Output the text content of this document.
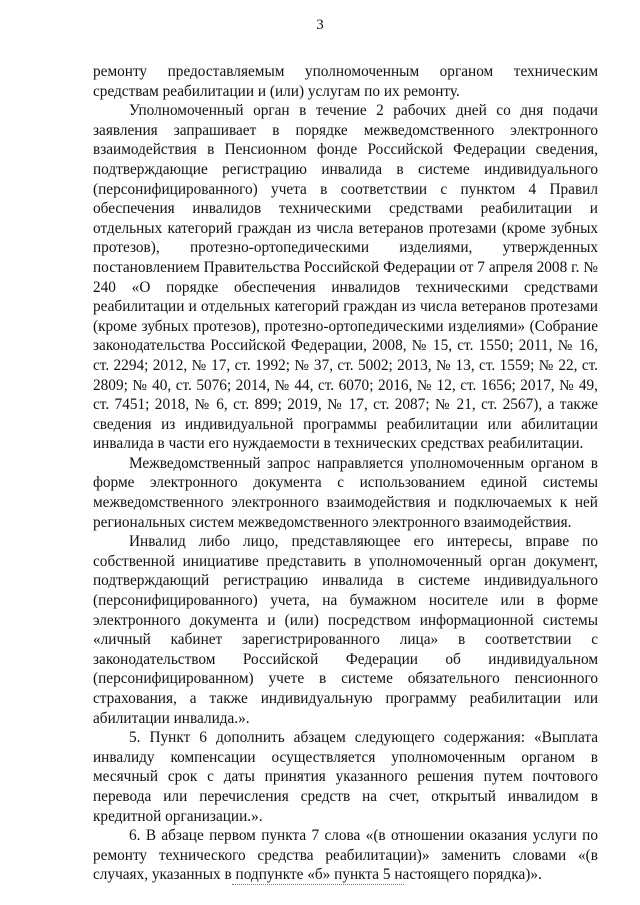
3

ремонту предоставляемым уполномоченным органом техническим средствам реабилитации и (или) услугам по их ремонту.

Уполномоченный орган в течение 2 рабочих дней со дня подачи заявления запрашивает в порядке межведомственного электронного взаимодействия в Пенсионном фонде Российской Федерации сведения, подтверждающие регистрацию инвалида в системе индивидуального (персонифицированного) учета в соответствии с пунктом 4 Правил обеспечения инвалидов техническими средствами реабилитации и отдельных категорий граждан из числа ветеранов протезами (кроме зубных протезов), протезно-ортопедическими изделиями, утвержденных постановлением Правительства Российской Федерации от 7 апреля 2008 г. № 240 «О порядке обеспечения инвалидов техническими средствами реабилитации и отдельных категорий граждан из числа ветеранов протезами (кроме зубных протезов), протезно-ортопедическими изделиями» (Собрание законодательства Российской Федерации, 2008, № 15, ст. 1550; 2011, № 16, ст. 2294; 2012, № 17, ст. 1992; № 37, ст. 5002; 2013, № 13, ст. 1559; № 22, ст. 2809; № 40, ст. 5076; 2014, № 44, ст. 6070; 2016, № 12, ст. 1656; 2017, № 49, ст. 7451; 2018, № 6, ст. 899; 2019, № 17, ст. 2087; № 21, ст. 2567), а также сведения из индивидуальной программы реабилитации или абилитации инвалида в части его нуждаемости в технических средствах реабилитации.

Межведомственный запрос направляется уполномоченным органом в форме электронного документа с использованием единой системы межведомственного электронного взаимодействия и подключаемых к ней региональных систем межведомственного электронного взаимодействия.

Инвалид либо лицо, представляющее его интересы, вправе по собственной инициативе представить в уполномоченный орган документ, подтверждающий регистрацию инвалида в системе индивидуального (персонифицированного) учета, на бумажном носителе или в форме электронного документа и (или) посредством информационной системы «личный кабинет зарегистрированного лица» в соответствии с законодательством Российской Федерации об индивидуальном (персонифицированном) учете в системе обязательного пенсионного страхования, а также индивидуальную программу реабилитации или абилитации инвалида.».

5. Пункт 6 дополнить абзацем следующего содержания: «Выплата инвалиду компенсации осуществляется уполномоченным органом в месячный срок с даты принятия указанного решения путем почтового перевода или перечисления средств на счет, открытый инвалидом в кредитной организации.».

6. В абзаце первом пункта 7 слова «(в отношении оказания услуги по ремонту технического средства реабилитации)» заменить словами «(в случаях, указанных в подпункте «б» пункта 5 настоящего порядка)».
